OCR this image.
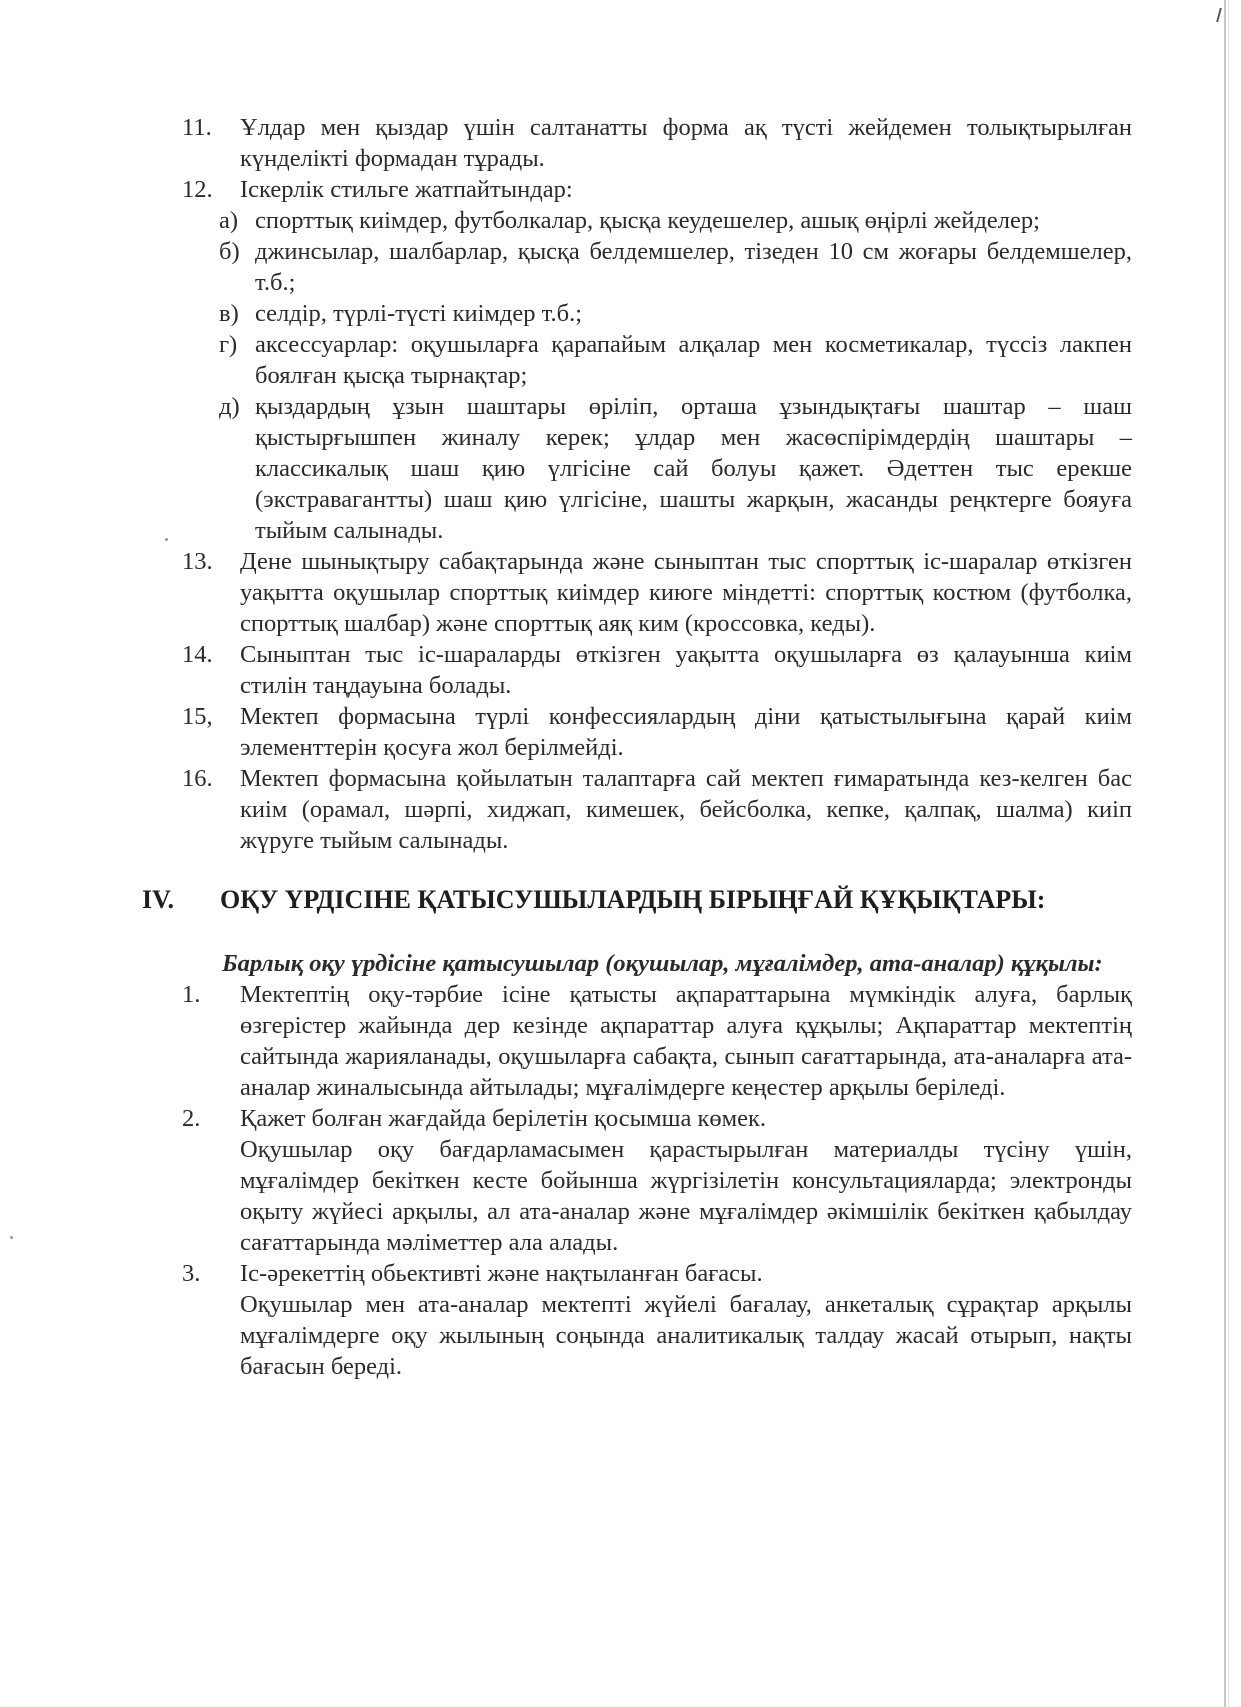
11. Ұлдар мен қыздар үшін салтанатты форма ақ түсті жейдемен толықтырылған күнделікті формадан тұрады.
12. Іскерлік стильге жатпайтындар:
а) спорттық киімдер, футболкалар, қысқа кеудешелер, ашық өңірлі жейделер;
б) джинсылар, шалбарлар, қысқа белдемшелер, тізеден 10 см жоғары белдемшелер, т.б.;
в) селдір, түрлі-түсті киімдер т.б.;
г) аксессуарлар: оқушыларға қарапайым алқалар мен косметикалар, түссіз лакпен боялған қысқа тырнақтар;
д) қыздардың ұзын шаштары өріліп, орташа ұзындықтағы шаштар – шаш қыстырғышпен жиналу керек; ұлдар мен жасөспірімдердің шаштары – классикалық шаш қию үлгісіне сай болуы қажет. Әдеттен тыс ерекше (экстравагантты) шаш қию үлгісіне, шашты жарқын, жасанды реңктерге бояуға тыйым салынады.
13. Дене шынықтыру сабақтарында және сыныптан тыс спорттық іс-шаралар өткізген уақытта оқушылар спорттық киімдер киюге міндетті: спорттық костюм (футболка, спорттық шалбар) және спорттық аяқ ким (кроссовка, кеды).
14. Сыныптан тыс іс-шараларды өткізген уақытта оқушыларға өз қалауынша киім стилін таңдауына болады.
15, Мектеп формасына түрлі конфессиялардың діни қатыстылығына қарай киім элементтерін қосуға жол берілмейді.
16. Мектеп формасына қойылатын талаптарға сай мектеп ғимаратында кез-келген бас киім (орамал, шәрпі, хиджап, кимешек, бейсболка, кепке, қалпақ, шалма) киіп жүруге тыйым салынады.
IV. ОҚУ ҮРДІСІНЕ ҚАТЫСУШЫЛАРДЫҢ БІРЫҢҒАЙ ҚҰҚЫҚТАРЫ:
Барлық оқу үрдісіне қатысушылар (оқушылар, мұғалімдер, ата-аналар) құқылы:
1. Мектептің оқу-тәрбие ісіне қатысты ақпараттарына мүмкіндік алуға, барлық өзгерістер жайында дер кезінде ақпараттар алуға құқылы; Ақпараттар мектептің сайтында жарияланады, оқушыларға сабақта, сынып сағаттарында, ата-аналарға ата-аналар жиналысында айтылады; мұғалімдерге кеңестер арқылы беріледі.
2. Қажет болған жағдайда берілетін қосымша көмек.
Оқушылар оқу бағдарламасымен қарастырылған материалды түсіну үшін, мұғалімдер бекіткен кесте бойынша жүргізілетін консультацияларда; электронды оқыту жүйесі арқылы, ал ата-аналар және мұғалімдер әкімшілік бекіткен қабылдау сағаттарында мәліметтер ала алады.
3. Іс-әрекеттің обьективті және нақтыланған бағасы.
Оқушылар мен ата-аналар мектепті жүйелі бағалау, анкеталық сұрақтар арқылы мұғалімдерге оқу жылының соңында аналитикалық талдау жасай отырып, нақты бағасын береді.
